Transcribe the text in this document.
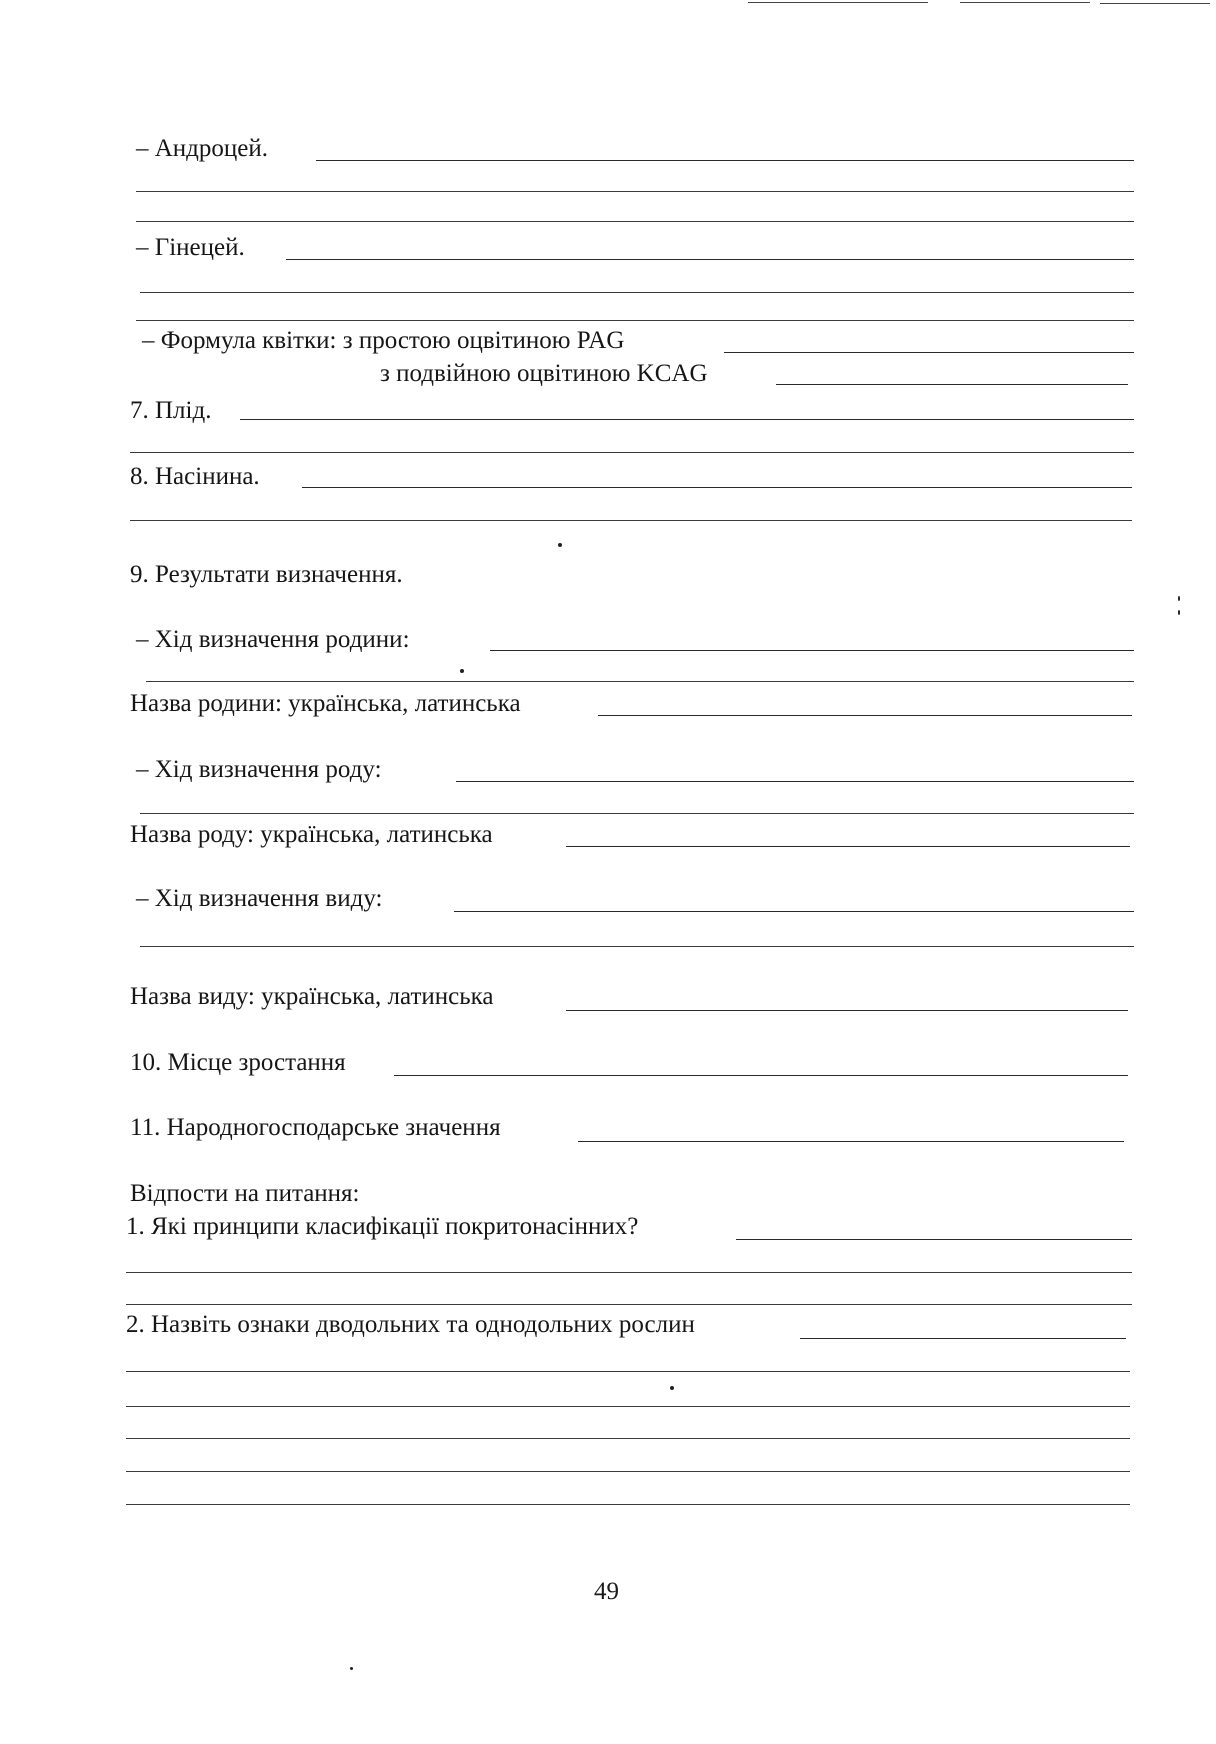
– Андроцей.
– Гінецей.
– Формула квітки: з простою оцвітиною PAG
з подвійною оцвітиною KCAG
7. Плід.
8. Насінина.
9. Результати визначення.
– Хід визначення родини:
Назва родини: українська, латинська
– Хід визначення роду:
Назва роду: українська, латинська
– Хід визначення виду:
Назва виду: українська, латинська
10. Місце зростання
11. Народногосподарське значення
Відпости на питання:
1. Які принципи класифікації покритонасінних?
2. Назвіть ознаки дводольних та однодольних рослин
49
